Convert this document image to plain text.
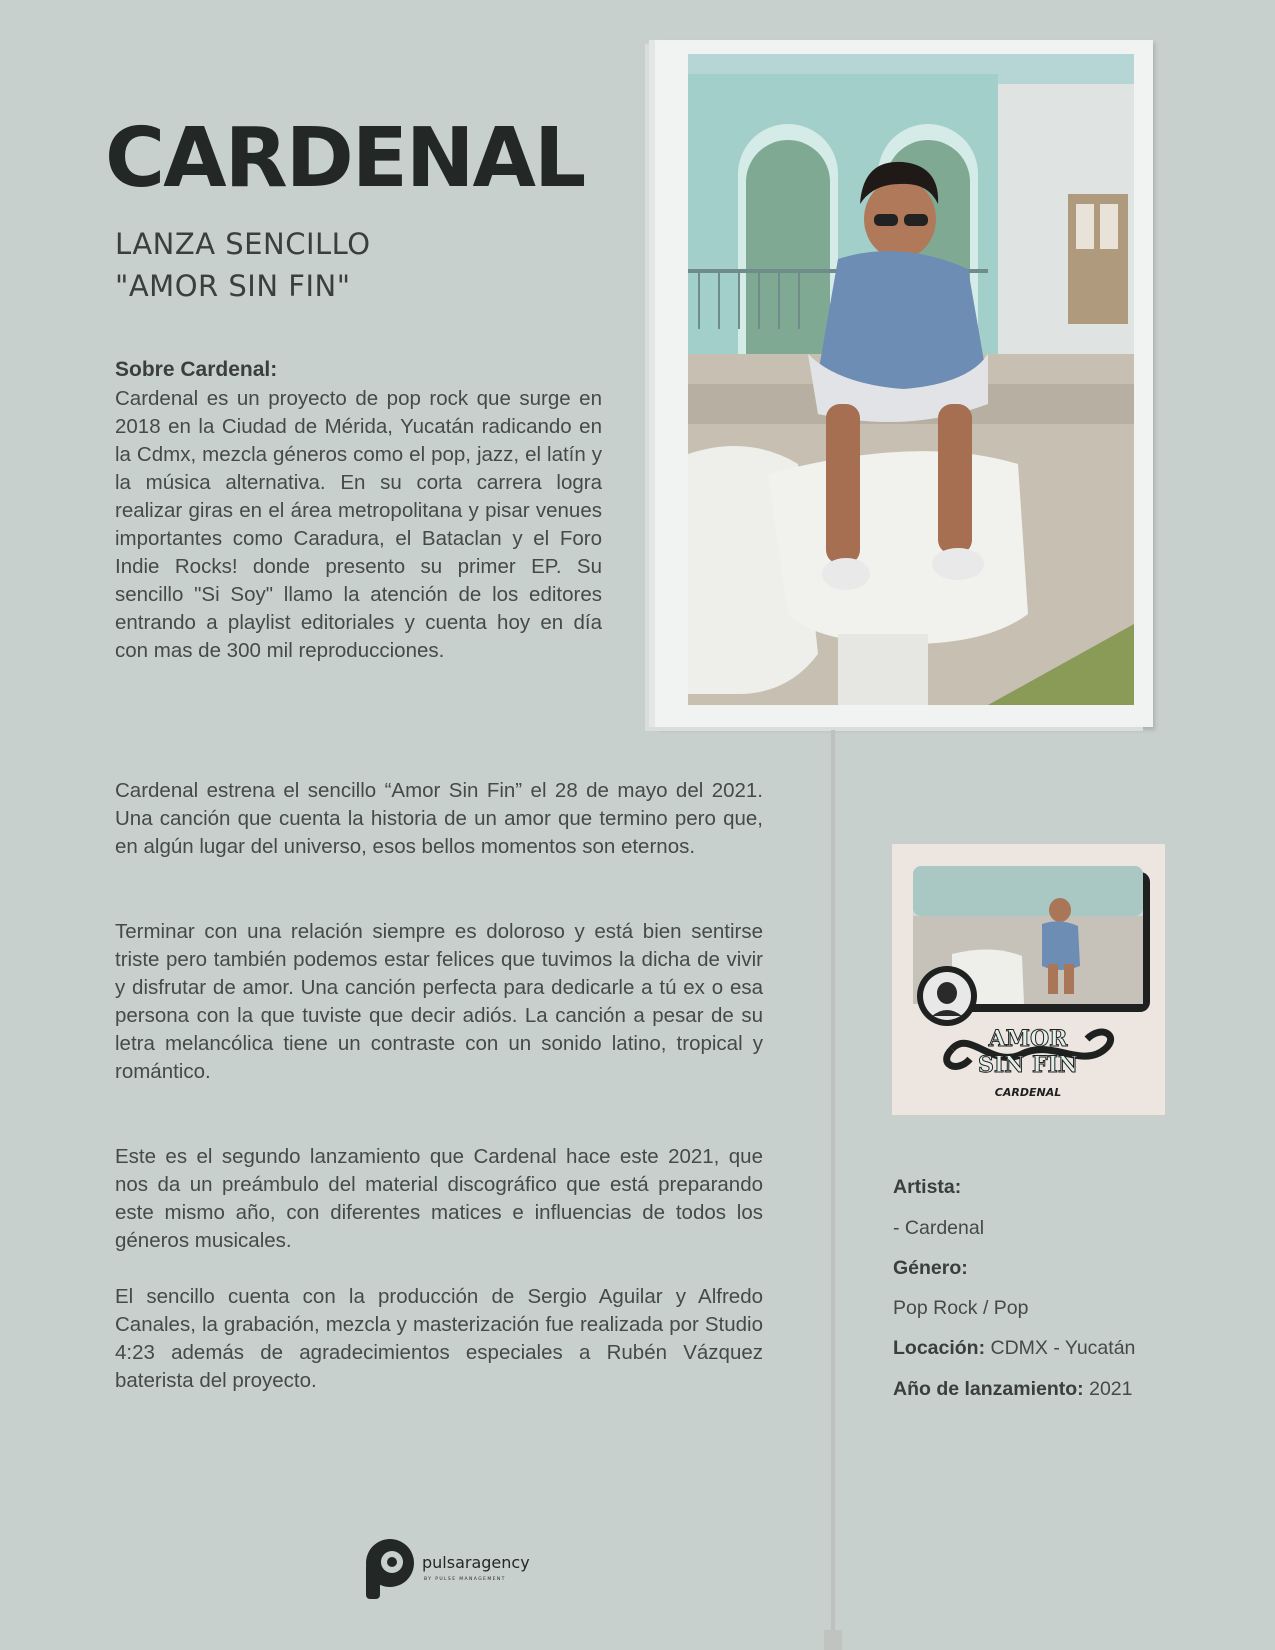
CARDENAL
LANZA SENCILLO
"AMOR SIN FIN"
Sobre Cardenal:
Cardenal es un proyecto de pop rock que surge en 2018 en la Ciudad de Mérida, Yucatán radicando en la Cdmx, mezcla géneros como el pop, jazz, el latín y la música alternativa. En su corta carrera logra realizar giras en el área metropolitana y pisar venues importantes como Caradura, el Bataclan y el Foro Indie Rocks! donde presento su primer EP. Su sencillo "Si Soy" llamo la atención de los editores entrando a playlist editoriales y cuenta hoy en día con mas de 300 mil reproducciones.

Cardenal estrena el sencillo “Amor Sin Fin” el 28 de mayo del 2021. Una canción que cuenta la historia de un amor que termino pero que, en algún lugar del universo, esos bellos momentos son eternos.

Terminar con una relación siempre es doloroso y está bien sentirse triste pero también podemos estar felices que tuvimos la dicha de vivir y disfrutar de amor. Una canción perfecta para dedicarle a tú ex o esa persona con la que tuviste que decir adiós. La canción a pesar de su letra melancólica tiene un contraste con un sonido latino, tropical y romántico.

Este es el segundo lanzamiento que Cardenal hace este 2021, que nos da un preámbulo del material discográfico que está preparando este mismo año, con diferentes matices e influencias de todos los géneros musicales.

El sencillo cuenta con la producción de Sergio Aguilar y Alfredo Canales, la grabación, mezcla y masterización fue realizada por Studio 4:23 además de agradecimientos especiales a Rubén Vázquez baterista del proyecto.

AMOR
SIN FIN
CARDENAL
Artista:
- Cardenal
Género:
Pop Rock / Pop
Locación: CDMX - Yucatán
Año de lanzamiento: 2021
pulsaragency
BY PULSE MANAGEMENT
